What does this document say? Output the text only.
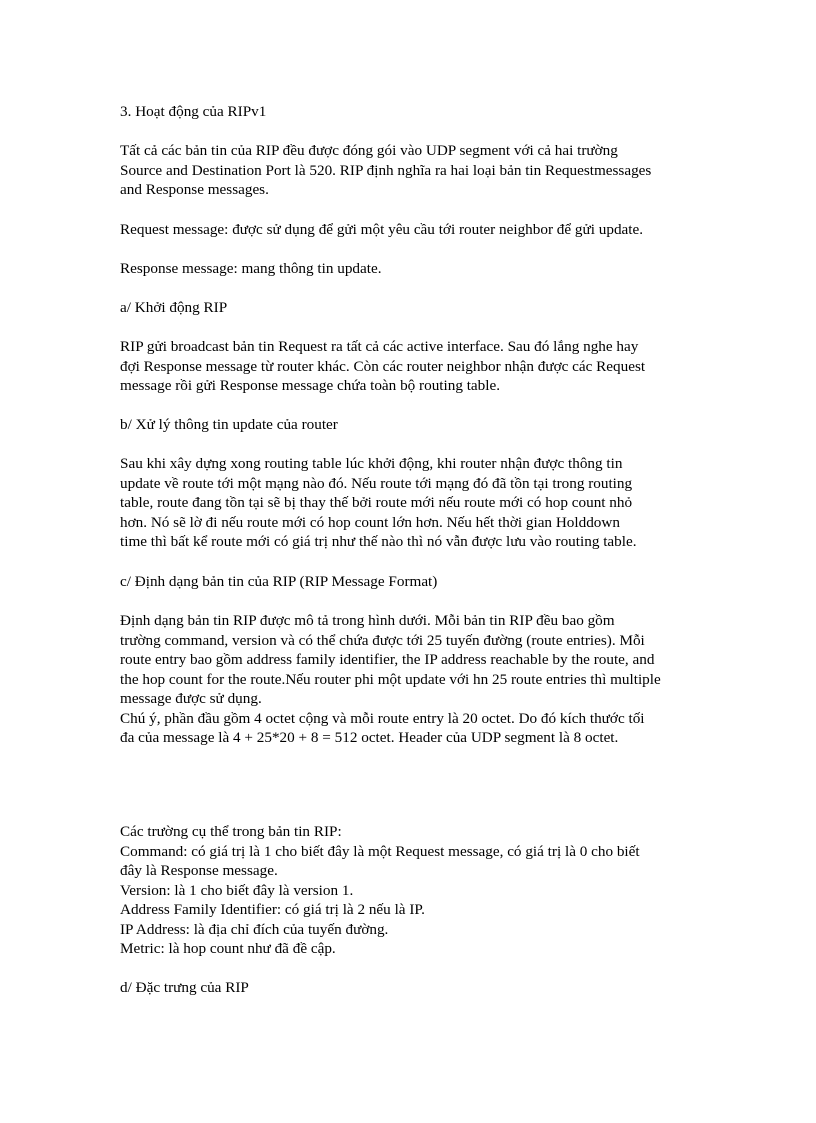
3. Hoạt động của RIPv1
Tất cả các bản tin của RIP đều được đóng gói vào UDP segment với cả hai trường
Source and Destination Port là 520. RIP định nghĩa ra hai loại bản tin Requestmessages
and Response messages.
Request message: được sử dụng để gửi một yêu cầu tới router neighbor để gửi update.
Response message: mang thông tin update.
a/ Khởi động RIP
RIP gửi broadcast bản tin Request ra tất cả các active interface. Sau đó lắng nghe hay
đợi Response message từ router khác. Còn các router neighbor nhận được các Request
message rồi gửi Response message chứa toàn bộ routing table.
b/ Xử lý thông tin update của router
Sau khi xây dựng xong routing table lúc khởi động, khi router nhận được thông tin
update về route tới một mạng nào đó. Nếu route tới mạng đó đã tồn tại trong routing
table, route đang tồn tại sẽ bị thay thế bởi route mới nếu route mới có hop count nhỏ
hơn. Nó sẽ lờ đi nếu route mới có hop count lớn hơn. Nếu hết thời gian Holddown
time thì bất kể route mới có giá trị như thế nào thì nó vẫn được lưu vào routing table.
c/ Định dạng bản tin của RIP (RIP Message Format)
Định dạng bản tin RIP được mô tả trong hình dưới. Mỗi bản tin RIP đều bao gồm
trường command, version và có thể chứa được tới 25 tuyến đường (route entries). Mỗi
route entry bao gồm address family identifier, the IP address reachable by the route, and
the hop count for the route.Nếu router phi một update với hn 25 route entries thì multiple
message được sử dụng.
Chú ý, phần đầu gồm 4 octet cộng và mỗi route entry là 20 octet. Do đó kích thước tối
đa của message là 4 + 25*20 + 8 = 512 octet. Header của UDP segment là 8 octet.
Các trường cụ thể trong bản tin RIP:
Command: có giá trị là 1 cho biết đây là một Request message, có giá trị là 0 cho biết
đây là Response message.
Version: là 1 cho biết đây là version 1.
Address Family Identifier: có giá trị là 2 nếu là IP.
IP Address: là địa chỉ đích của tuyến đường.
Metric: là hop count như đã đề cập.
d/ Đặc trưng của RIP
